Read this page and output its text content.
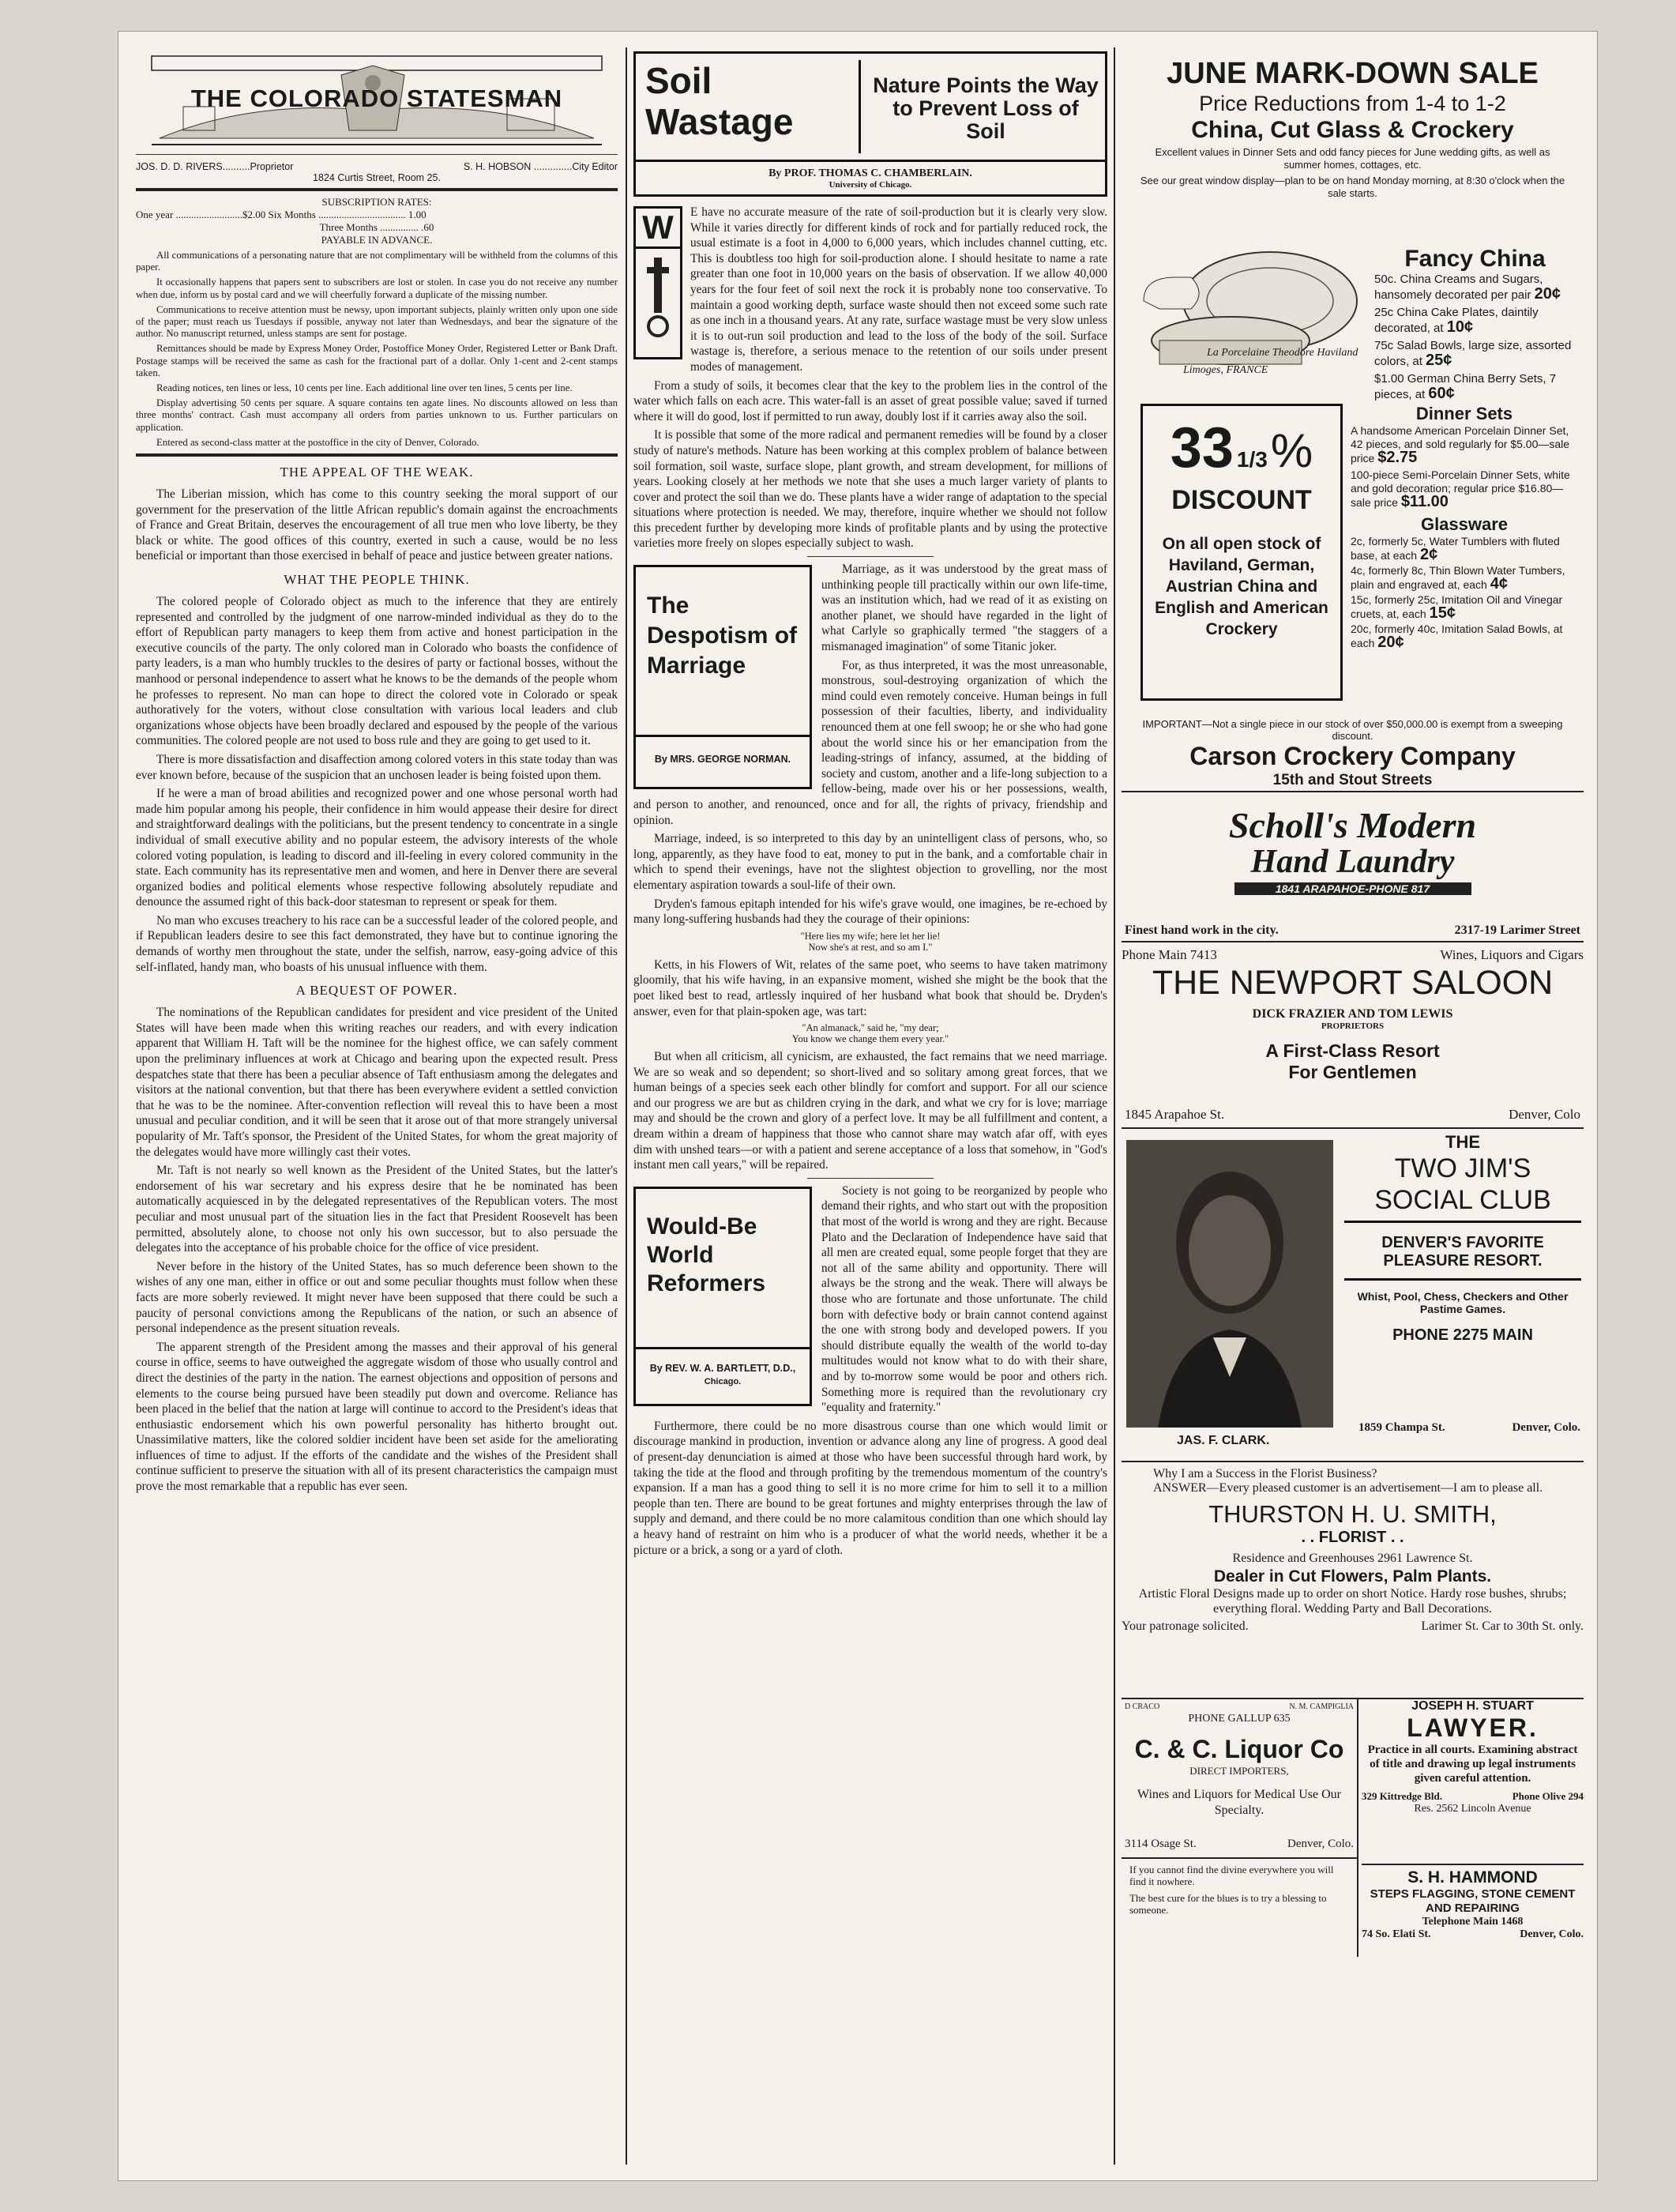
THE COLORADO STATESMAN
JOS. D. D. RIVERS..........Proprietor	S. H. HOBSON ..............City Editor
1824 Curtis Street, Room 25.
SUBSCRIPTION RATES:
One year ..........................$2.00 Six Months .................................. 1.00
Three Months ............... .60
PAYABLE IN ADVANCE.

All communications of a personating nature that are not complimentary will be withheld from the columns of this paper.

It occasionally happens that papers sent to subscribers are lost or stolen. In case you do not receive any number when due, inform us by postal card and we will cheerfully forward a duplicate of the missing number.

Communications to receive attention must be newsy, upon important subjects, plainly written only upon one side of the paper; must reach us Tuesdays if possible, anyway not later than Wednesdays, and bear the signature of the author. No manuscript returned, unless stamps are sent for postage.

Remittances should be made by Express Money Order, Postoffice Money Order, Registered Letter or Bank Draft. Postage stamps will be received the same as cash for the fractional part of a dollar. Only 1-cent and 2-cent stamps taken.

Reading notices, ten lines or less, 10 cents per line. Each additional line over ten lines, 5 cents per line.

Display advertising 50 cents per square. A square contains ten agate lines. No discounts allowed on less than three months' contract. Cash must accompany all orders from parties unknown to us. Further particulars on application.

Entered as second-class matter at the postoffice in the city of Denver, Colorado.

THE APPEAL OF THE WEAK.

The Liberian mission, which has come to this country seeking the moral support of our government for the preservation of the little African republic's domain against the encroachments of France and Great Britain, deserves the encouragement of all true men who love liberty, be they black or white. The good offices of this country, exerted in such a cause, would be no less beneficial or important than those exercised in behalf of peace and justice between greater nations.

WHAT THE PEOPLE THINK.

The colored people of Colorado object as much to the inference that they are entirely represented and controlled by the judgment of one narrow-minded individual as they do to the effort of Republican party managers to keep them from active and honest participation in the executive councils of the party. The only colored man in Colorado who boasts the confidence of party leaders, is a man who humbly truckles to the desires of party or factional bosses, without the manhood or personal independence to assert what he knows to be the demands of the people whom he professes to represent. No man can hope to direct the colored vote in Colorado or speak authoratively for the voters, without close consultation with various local leaders and club organizations whose objects have been broadly declared and espoused by the people of the various communities. The colored people are not used to boss rule and they are going to get used to it.

There is more dissatisfaction and disaffection among colored voters in this state today than was ever known before, because of the suspicion that an unchosen leader is being foisted upon them.

If he were a man of broad abilities and recognized power and one whose personal worth had made him popular among his people, their confidence in him would appease their desire for direct and straightforward dealings with the politicians, but the present tendency to concentrate in a single individual of small executive ability and no popular esteem, the advisory interests of the whole colored voting population, is leading to discord and ill-feeling in every colored community in the state. Each community has its representative men and women, and here in Denver there are several organized bodies and political elements whose respective following absolutely repudiate and denounce the assumed right of this back-door statesman to represent or speak for them.

No man who excuses treachery to his race can be a successful leader of the colored people, and if Republican leaders desire to see this fact demonstrated, they have but to continue ignoring the demands of worthy men throughout the state, under the selfish, narrow, easy-going advice of this self-inflated, handy man, who boasts of his unusual influence with them.

A BEQUEST OF POWER.

The nominations of the Republican candidates for president and vice president of the United States will have been made when this writing reaches our readers, and with every indication apparent that William H. Taft will be the nominee for the highest office, we can safely comment upon the preliminary influences at work at Chicago and bearing upon the expected result. Press despatches state that there has been a peculiar absence of Taft enthusiasm among the delegates and visitors at the national convention, but that there has been everywhere evident a settled conviction that he was to be the nominee. After-convention reflection will reveal this to have been a most unusual and peculiar condition, and it will be seen that it arose out of that more strangely universal popularity of Mr. Taft's sponsor, the President of the United States, for whom the great majority of the delegates would have more willingly cast their votes.

Mr. Taft is not nearly so well known as the President of the United States, but the latter's endorsement of his war secretary and his express desire that he be nominated has been automatically acquiesced in by the delegated representatives of the Republican voters. The most peculiar and most unusual part of the situation lies in the fact that President Roosevelt has been permitted, absolutely alone, to choose not only his own successor, but to also persuade the delegates into the acceptance of his probable choice for the office of vice president.

Never before in the history of the United States, has so much deference been shown to the wishes of any one man, either in office or out and some peculiar thoughts must follow when these facts are more soberly reviewed. It might never have been supposed that there could be such a paucity of personal convictions among the Republicans of the nation, or such an absence of personal independence as the present situation reveals.

The apparent strength of the President among the masses and their approval of his general course in office, seems to have outweighed the aggregate wisdom of those who usually control and direct the destinies of the party in the nation. The earnest objections and opposition of persons and elements to the course being pursued have been steadily put down and overcome. Reliance has been placed in the belief that the nation at large will continue to accord to the President's ideas that enthusiastic endorsement which his own powerful personality has hitherto brought out. Unassimilative matters, like the colored soldier incident have been set aside for the ameliorating influences of time to adjust. If the efforts of the candidate and the wishes of the President shall continue sufficient to preserve the situation with all of its present characteristics the campaign must prove the most remarkable that a republic has ever seen.

Soil
Wastage
Nature Points the Way to Prevent Loss of Soil
By PROF. THOMAS C. CHAMBERLAIN.
University of Chicago.
W	E have no accurate measure of the rate of soil-production but it is clearly very slow. While it varies directly for different kinds of rock and for partially reduced rock, the usual estimate is a foot in 4,000 to 6,000 years, which includes channel cutting, etc. This is doubtless too high for soil-production alone. I should hesitate to name a rate greater than one foot in 10,000 years on the basis of observation. If we allow 40,000 years for the four feet of soil next the rock it is probably none too conservative. To maintain a good working depth, surface waste should then not exceed some such rate as one inch in a thousand years. At any rate, surface wastage must be very slow unless it is to out-run soil production and lead to the loss of the body of the soil. Surface wastage is, therefore, a serious menace to the retention of our soils under present modes of management.

From a study of soils, it becomes clear that the key to the problem lies in the control of the water which falls on each acre. This water-fall is an asset of great possible value; saved if turned where it will do good, lost if permitted to run away, doubly lost if it carries away also the soil.

It is possible that some of the more radical and permanent remedies will be found by a closer study of nature's methods. Nature has been working at this complex problem of balance between soil formation, soil waste, surface slope, plant growth, and stream development, for millions of years. Looking closely at her methods we note that she uses a much larger variety of plants to cover and protect the soil than we do. These plants have a wider range of adaptation to the special situations where protection is needed. We may, therefore, inquire whether we should not follow this precedent further by developing more kinds of profitable plants and by using the protective varieties more freely on slopes especially subject to wash.

The Despotism of Marriage
By MRS. GEORGE NORMAN.

Marriage, as it was understood by the great mass of unthinking people till practically within our own life-time, was an institution which, had we read of it as existing on another planet, we should have regarded in the light of what Carlyle so graphically termed "the staggers of a mismanaged imagination" of some Titanic joker.

For, as thus interpreted, it was the most unreasonable, monstrous, soul-destroying organization of which the mind could even remotely conceive. Human beings in full possession of their faculties, liberty, and individuality renounced them at one fell swoop; he or she who had gone about the world since his or her emancipation from the leading-strings of infancy, assumed, at the bidding of society and custom, another and a life-long subjection to a fellow-being, made over his or her possessions, wealth, and person to another, and renounced, once and for all, the rights of privacy, friendship and opinion.

Marriage, indeed, is so interpreted to this day by an unintelligent class of persons, who, so long, apparently, as they have food to eat, money to put in the bank, and a comfortable chair in which to spend their evenings, have not the slightest objection to grovelling, nor the most elementary aspiration towards a soul-life of their own.

Dryden's famous epitaph intended for his wife's grave would, one imagines, be re-echoed by many long-suffering husbands had they the courage of their opinions:

"Here lies my wife; here let her lie!
Now she's at rest, and so am I."

Ketts, in his Flowers of Wit, relates of the same poet, who seems to have taken matrimony gloomily, that his wife having, in an expansive moment, wished she might be the book that the poet liked best to read, artlessly inquired of her husband what book that should be. Dryden's answer, even for that plain-spoken age, was tart:

"An almanack," said he, "my dear;
You know we change them every year."

But when all criticism, all cynicism, are exhausted, the fact remains that we need marriage. We are so weak and so dependent; so short-lived and so solitary among great forces, that we human beings of a species seek each other blindly for comfort and support. For all our science and our progress we are but as children crying in the dark, and what we cry for is love; marriage may and should be the crown and glory of a perfect love. It may be all fulfillment and content, a dream within a dream of happiness that those who cannot share may watch afar off, with eyes dim with unshed tears—or with a patient and serene acceptance of a loss that somehow, in "God's instant men call years," will be repaired.

Would-Be World Reformers
By REV. W. A. BARTLETT, D.D.,
Chicago.

Society is not going to be reorganized by people who demand their rights, and who start out with the proposition that most of the world is wrong and they are right. Because Plato and the Declaration of Independence have said that all men are created equal, some people forget that they are not all of the same ability and opportunity. There will always be the strong and the weak. There will always be those who are fortunate and those unfortunate. The child born with defective body or brain cannot contend against the one with strong body and developed powers. If you should distribute equally the wealth of the world to-day multitudes would not know what to do with their share, and by to-morrow some would be poor and others rich. Something more is required than the revolutionary cry "equality and fraternity."

Furthermore, there could be no more disastrous course than one which would limit or discourage mankind in production, invention or advance along any line of progress. A good deal of present-day denunciation is aimed at those who have been successful through hard work, by taking the tide at the flood and through profiting by the tremendous momentum of the country's expansion. If a man has a good thing to sell it is no more crime for him to sell it to a million people than ten. There are bound to be great fortunes and mighty enterprises through the law of supply and demand, and there could be no more calamitous condition than one which should lay a heavy hand of restraint on him who is a producer of what the world needs, whether it be a picture or a brick, a song or a yard of cloth.

JUNE MARK-DOWN SALE
Price Reductions from 1-4 to 1-2
China, Cut Glass & Crockery
Excellent values in Dinner Sets and odd fancy pieces for June wedding gifts, as well as summer homes, cottages, etc.
See our great window display—plan to be on hand Monday morning, at 8:30 o'clock when the sale starts.
La Porcelaine Theodore Haviland
Limoges, FRANCE
Fancy China
50c. China Creams and Sugars, hansomely decorated per pair 20¢
25c China Cake Plates, daintily decorated, at 10¢
75c Salad Bowls, large size, assorted colors, at 25¢
$1.00 German China Berry Sets, 7 pieces, at 60¢
33 1/3 %
DISCOUNT
On all open stock of Haviland, German, Austrian China and English and American Crockery
Dinner Sets
A handsome American Porcelain Dinner Set, 42 pieces, and sold regularly for $5.00—sale price $2.75
100-piece Semi-Porcelain Dinner Sets, white and gold decoration; regular price $16.80—sale price $11.00
Glassware
2c, formerly 5c, Water Tumblers with fluted base, at each 2¢
4c, formerly 8c, Thin Blown Water Tumbers, plain and engraved at, each 4¢
15c, formerly 25c, Imitation Oil and Vinegar cruets, at, each 15¢
20c, formerly 40c, Imitation Salad Bowls, at each 20¢
IMPORTANT—Not a single piece in our stock of over $50,000.00 is exempt from a sweeping discount.
Carson Crockery Company
15th and Stout Streets
Scholl's Modern
Hand Laundry
1841 ARAPAHOE-PHONE 817
Finest hand work in the city.	2317-19 Larimer Street
Phone Main 7413	Wines, Liquors and Cigars
THE NEWPORT SALOON
DICK FRAZIER AND TOM LEWIS
PROPRIETORS
A First-Class Resort
For Gentlemen
1845 Arapahoe St.	Denver, Colo
JAS. F. CLARK.
THE
TWO JIM'S
SOCIAL CLUB
DENVER'S FAVORITE
PLEASURE RESORT.
Whist, Pool, Chess, Checkers and Other Pastime Games.
PHONE 2275 MAIN
1859 Champa St.	Denver, Colo.
Why I am a Success in the Florist Business?
ANSWER—Every pleased customer is an advertisement—I am to please all.
THURSTON H. U. SMITH,
. . FLORIST . .
Residence and Greenhouses 2961 Lawrence St.
Dealer in Cut Flowers, Palm Plants.
Artistic Floral Designs made up to order on short Notice. Hardy rose bushes, shrubs; everything floral. Wedding Party and Ball Decorations.
Your patronage solicited.	Larimer St. Car to 30th St. only.
D CRACO	N. M. CAMPIGLIA
PHONE GALLUP 635
C. & C. Liquor Co
DIRECT IMPORTERS,
Wines and Liquors for Medical Use Our Specialty.
3114 Osage St.	Denver, Colo.
If you cannot find the divine everywhere you will find it nowhere.
The best cure for the blues is to try a blessing to someone.
JOSEPH H. STUART
LAWYER.
Practice in all courts. Examining abstract of title and drawing up legal instruments given careful attention.
329 Kittredge Bld.	Phone Olive 294
Res. 2562 Lincoln Avenue
S. H. HAMMOND
STEPS FLAGGING, STONE CEMENT AND REPAIRING
Telephone Main 1468
74 So. Elati St.	Denver, Colo.
